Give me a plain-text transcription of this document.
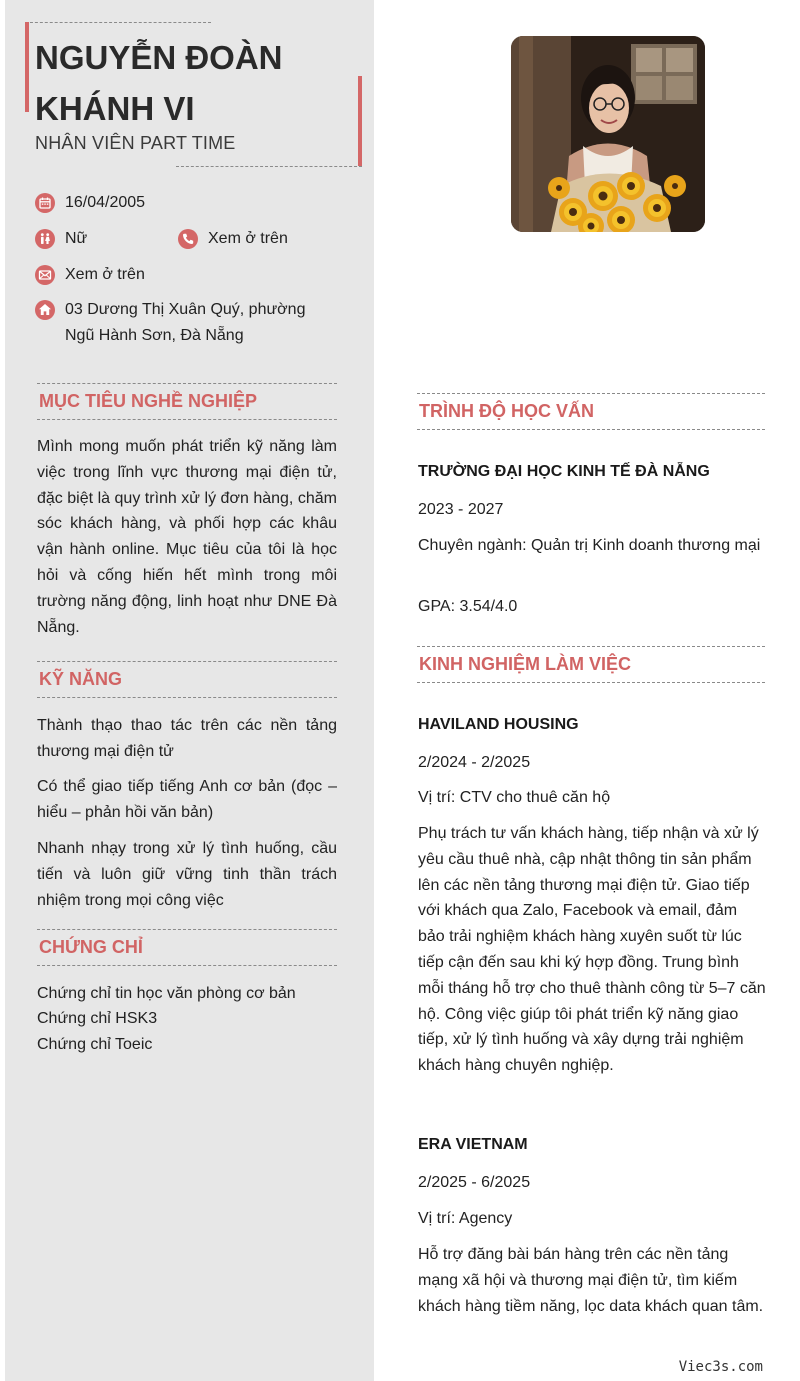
NGUYỄN ĐOÀN KHÁNH VI
NHÂN VIÊN PART TIME
16/04/2005
Nữ	Xem ở trên
Xem ở trên
03 Dương Thị Xuân Quý, phường Ngũ Hành Sơn, Đà Nẵng
MỤC TIÊU NGHỀ NGHIỆP
Mình mong muốn phát triển kỹ năng làm việc trong lĩnh vực thương mại điện tử, đặc biệt là quy trình xử lý đơn hàng, chăm sóc khách hàng, và phối hợp các khâu vận hành online. Mục tiêu của tôi là học hỏi và cống hiến hết mình trong môi trường năng động, linh hoạt như DNE Đà Nẵng.
KỸ NĂNG
Thành thạo thao tác trên các nền tảng thương mại điện tử
Có thể giao tiếp tiếng Anh cơ bản (đọc – hiểu – phản hồi văn bản)
Nhanh nhạy trong xử lý tình huống, cầu tiến và luôn giữ vững tinh thần trách nhiệm trong mọi công việc
CHỨNG CHỈ
Chứng chỉ tin học văn phòng cơ bản
Chứng chỉ HSK3
Chứng chỉ Toeic
TRÌNH ĐỘ HỌC VẤN
TRƯỜNG ĐẠI HỌC KINH TẾ ĐÀ NẴNG
2023 - 2027
Chuyên ngành: Quản trị Kinh doanh thương mại
GPA: 3.54/4.0
KINH NGHIỆM LÀM VIỆC
HAVILAND HOUSING
2/2024 - 2/2025
Vị trí: CTV cho thuê căn hộ
Phụ trách tư vấn khách hàng, tiếp nhận và xử lý yêu cầu thuê nhà, cập nhật thông tin sản phẩm lên các nền tảng thương mại điện tử. Giao tiếp với khách qua Zalo, Facebook và email, đảm bảo trải nghiệm khách hàng xuyên suốt từ lúc tiếp cận đến sau khi ký hợp đồng. Trung bình mỗi tháng hỗ trợ cho thuê thành công từ 5–7 căn hộ. Công việc giúp tôi phát triển kỹ năng giao tiếp, xử lý tình huống và xây dựng trải nghiệm khách hàng chuyên nghiệp.
ERA VIETNAM
2/2025 - 6/2025
Vị trí: Agency
Hỗ trợ đăng bài bán hàng trên các nền tảng mạng xã hội và thương mại điện tử, tìm kiếm khách hàng tiềm năng, lọc data khách quan tâm.
Viec3s.com
